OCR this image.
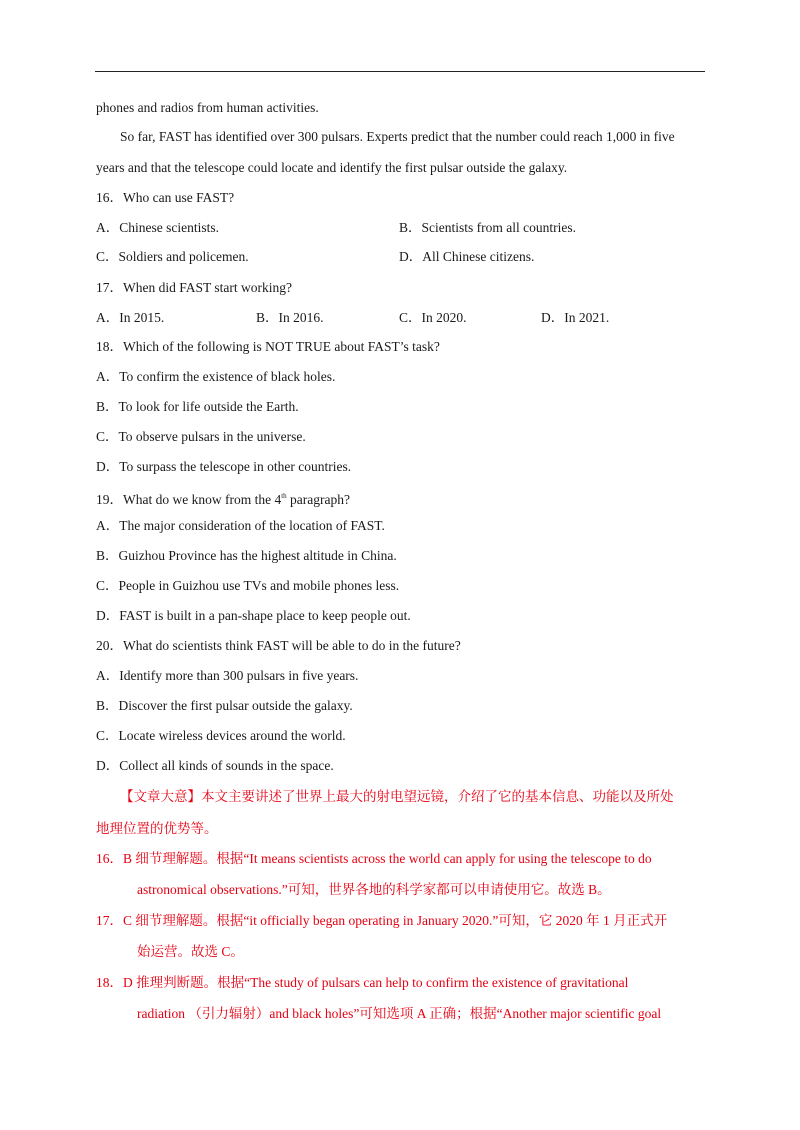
phones and radios from human activities.
So far, FAST has identified over 300 pulsars. Experts predict that the number could reach 1,000 in five
years and that the telescope could locate and identify the first pulsar outside the galaxy.
16．Who can use FAST?
A．Chinese scientists.	B．Scientists from all countries.
C．Soldiers and policemen.	D．All Chinese citizens.
17．When did FAST start working?
A．In 2015.	B．In 2016.	C．In 2020.	D．In 2021.
18．Which of the following is NOT TRUE about FAST’s task?
A．To confirm the existence of black holes.
B．To look for life outside the Earth.
C．To observe pulsars in the universe.
D．To surpass the telescope in other countries.
19．What do we know from the 4th paragraph?
A．The major consideration of the location of FAST.
B．Guizhou Province has the highest altitude in China.
C．People in Guizhou use TVs and mobile phones less.
D．FAST is built in a pan-shape place to keep people out.
20．What do scientists think FAST will be able to do in the future?
A．Identify more than 300 pulsars in five years.
B．Discover the first pulsar outside the galaxy.
C．Locate wireless devices around the world.
D．Collect all kinds of sounds in the space.
【文章大意】本文主要讲述了世界上最大的射电望远镜，介绍了它的基本信息、功能以及所处
地理位置的优势等。
16．B 细节理解题。根据“It means scientists across the world can apply for using the telescope to do
astronomical observations.”可知，世界各地的科学家都可以申请使用它。故选 B。
17．C 细节理解题。根据“it officially began operating in January 2020.”可知，它 2020 年 1 月正式开
始运营。故选 C。
18．D 推理判断题。根据“The study of pulsars can help to confirm the existence of gravitational
radiation （引力辐射）and black holes”可知选项 A 正确；根据“Another major scientific goal
